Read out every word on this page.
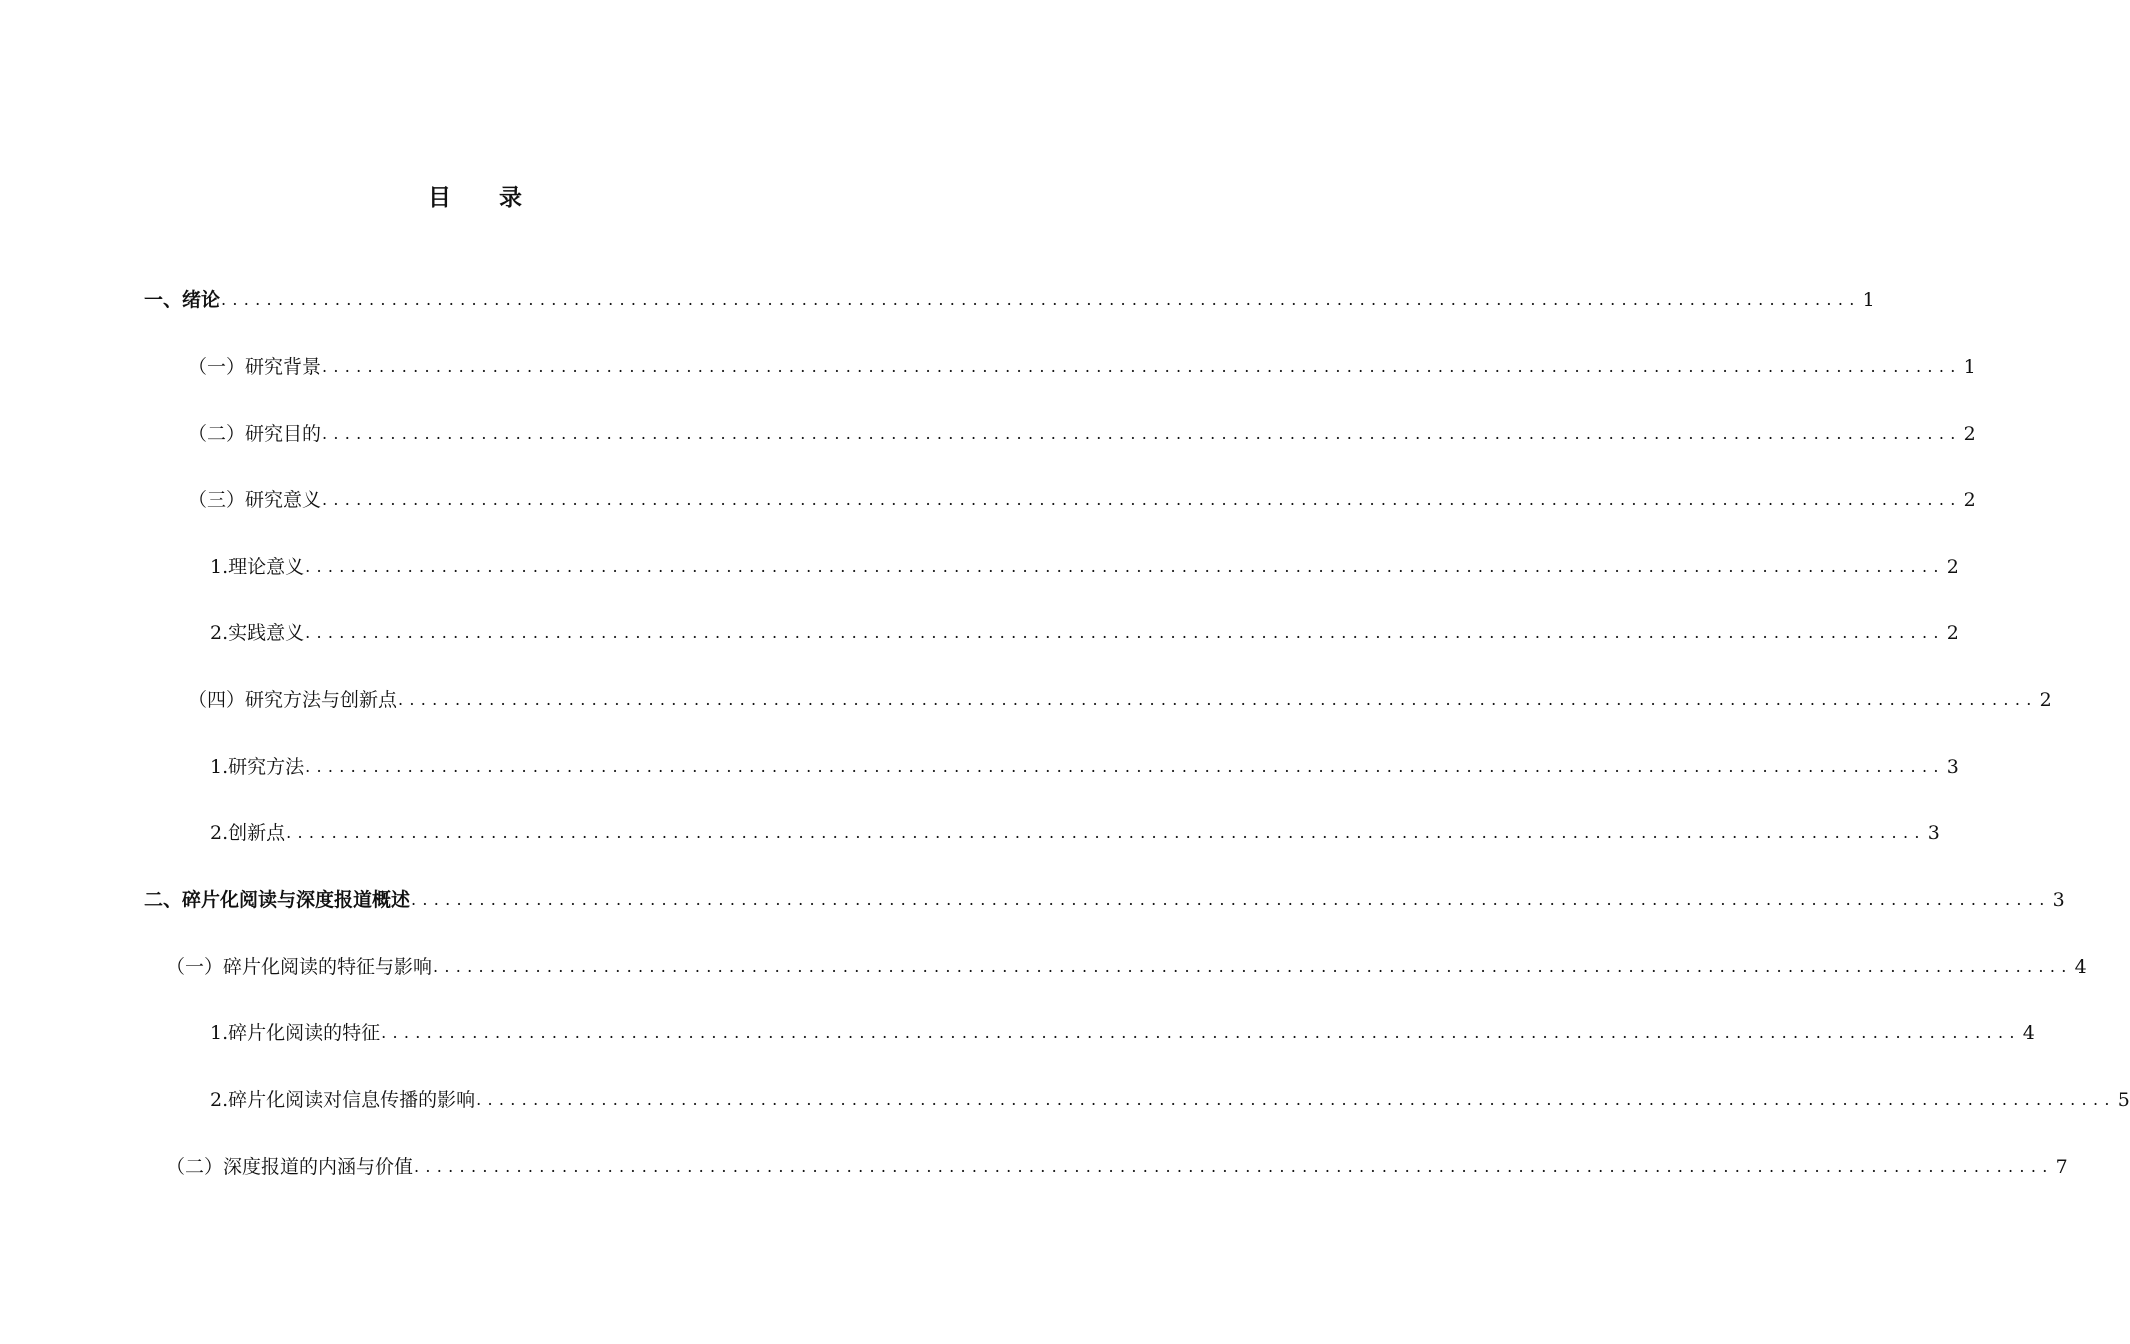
目 录
一、绪论 ................................................................................................................................................ 1
（一）研究背景 ................................................................................................................................................ 1
（二）研究目的 ................................................................................................................................................ 2
（三）研究意义 ................................................................................................................................................ 2
1.理论意义 ................................................................................................................................................ 2
2.实践意义 ................................................................................................................................................ 2
（四）研究方法与创新点 ................................................................................................................................................ 2
1.研究方法 ................................................................................................................................................ 3
2.创新点 ................................................................................................................................................ 3
二、碎片化阅读与深度报道概述 ................................................................................................................................................ 3
（一）碎片化阅读的特征与影响 ................................................................................................................................................ 4
1.碎片化阅读的特征 ................................................................................................................................................ 4
2.碎片化阅读对信息传播的影响 ................................................................................................................................................ 5
（二）深度报道的内涵与价值 ................................................................................................................................................ 7
